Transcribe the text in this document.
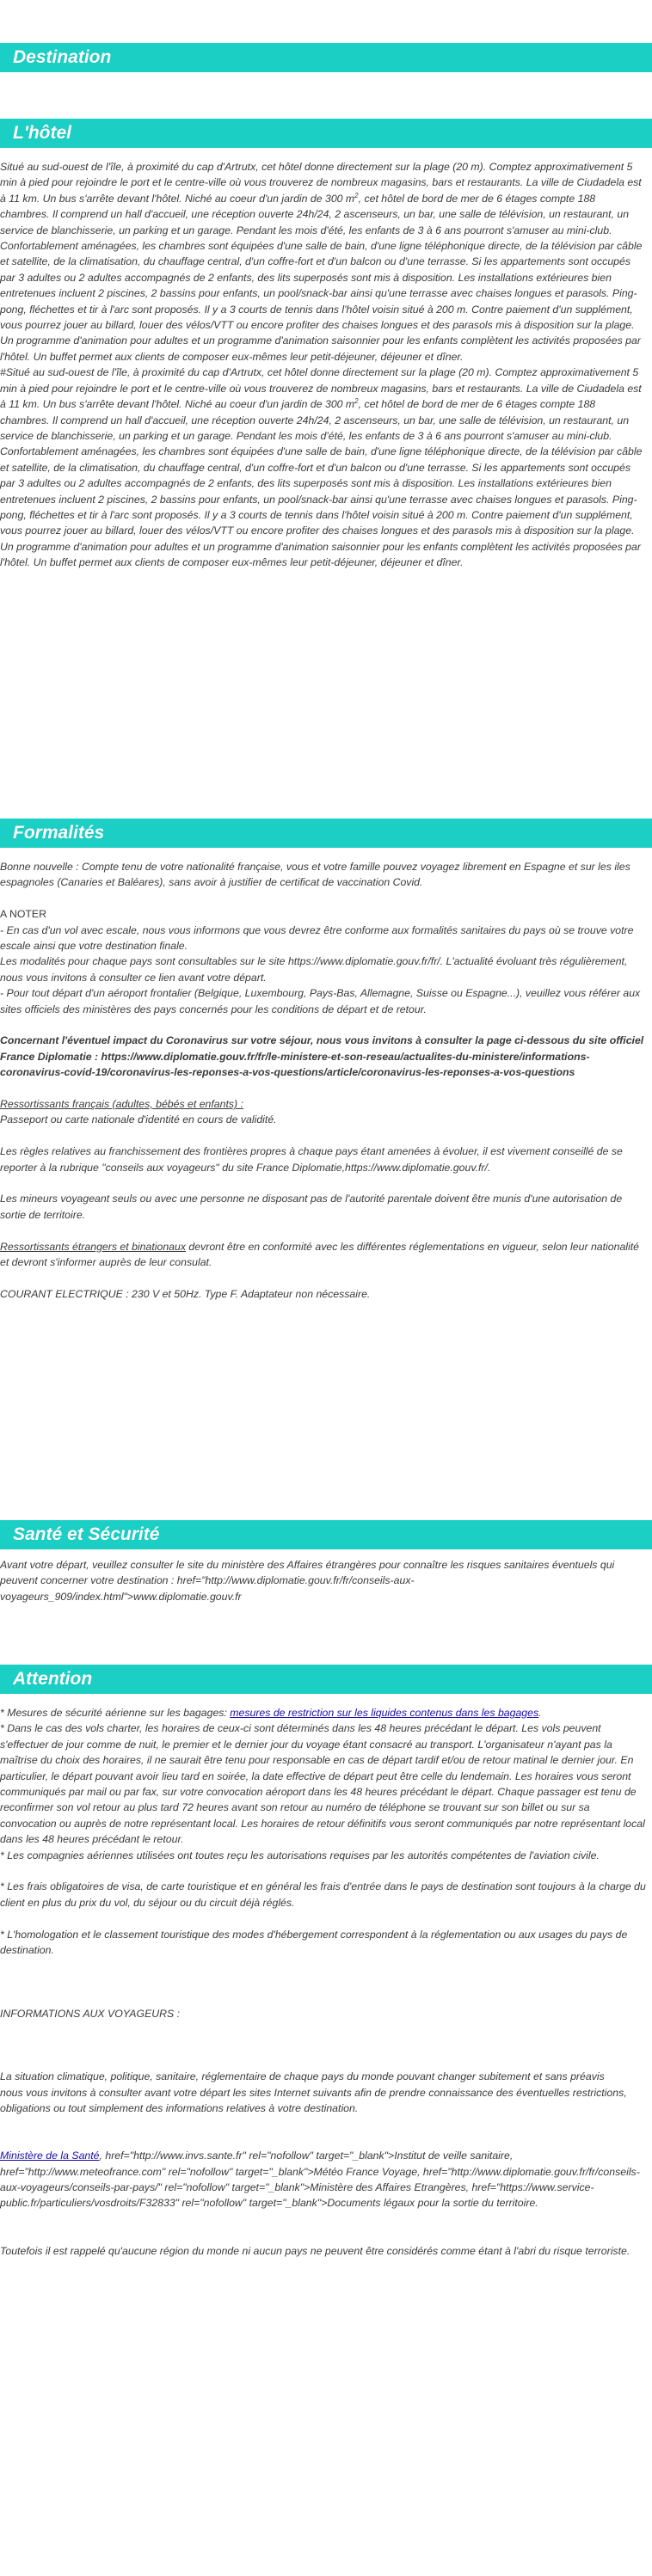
Destination
L'hôtel

Situé au sud-ouest de l'île, à proximité du cap d'Artrutx, cet hôtel donne directement sur la plage (20 m). Comptez approximativement 5 min à pied pour rejoindre le port et le centre-ville où vous trouverez de nombreux magasins, bars et restaurants. La ville de Ciudadela est à 11 km. Un bus s'arrête devant l'hôtel. Niché au coeur d'un jardin de 300 $m^2$, cet hôtel de bord de mer de 6 étages compte 188 chambres. Il comprend un hall d'accueil, une réception ouverte 24h/24, 2 ascenseurs, un bar, une salle de télévision, un restaurant, un service de blanchisserie, un parking et un garage. Pendant les mois d'été, les enfants de 3 à 6 ans pourront s'amuser au mini-club. Confortablement aménagées, les chambres sont équipées d'une salle de bain, d'une ligne téléphonique directe, de la télévision par câble et satellite, de la climatisation, du chauffage central, d'un coffre-fort et d'un balcon ou d'une terrasse. Si les appartements sont occupés par 3 adultes ou 2 adultes accompagnés de 2 enfants, des lits superposés sont mis à disposition. Les installations extérieures bien entretenues incluent 2 piscines, 2 bassins pour enfants, un pool/snack-bar ainsi qu'une terrasse avec chaises longues et parasols. Ping-pong, fléchettes et tir à l'arc sont proposés. Il y a 3 courts de tennis dans l'hôtel voisin situé à 200 m. Contre paiement d'un supplément, vous pourrez jouer au billard, louer des vélos/VTT ou encore profiter des chaises longues et des parasols mis à disposition sur la plage. Un programme d'animation pour adultes et un programme d'animation saisonnier pour les enfants complètent les activités proposées par l'hôtel. Un buffet permet aux clients de composer eux-mêmes leur petit-déjeuner, déjeuner et dîner.

#Situé au sud-ouest de l'île, à proximité du cap d'Artrutx, cet hôtel donne directement sur la plage (20 m). Comptez approximativement 5 min à pied pour rejoindre le port et le centre-ville où vous trouverez de nombreux magasins, bars et restaurants. La ville de Ciudadela est à 11 km. Un bus s'arrête devant l'hôtel. Niché au coeur d'un jardin de 300 $m^2$, cet hôtel de bord de mer de 6 étages compte 188 chambres. Il comprend un hall d'accueil, une réception ouverte 24h/24, 2 ascenseurs, un bar, une salle de télévision, un restaurant, un service de blanchisserie, un parking et un garage. Pendant les mois d'été, les enfants de 3 à 6 ans pourront s'amuser au mini-club. Confortablement aménagées, les chambres sont équipées d'une salle de bain, d'une ligne téléphonique directe, de la télévision par câble et satellite, de la climatisation, du chauffage central, d'un coffre-fort et d'un balcon ou d'une terrasse. Si les appartements sont occupés par 3 adultes ou 2 adultes accompagnés de 2 enfants, des lits superposés sont mis à disposition. Les installations extérieures bien entretenues incluent 2 piscines, 2 bassins pour enfants, un pool/snack-bar ainsi qu'une terrasse avec chaises longues et parasols. Ping-pong, fléchettes et tir à l'arc sont proposés. Il y a 3 courts de tennis dans l'hôtel voisin situé à 200 m. Contre paiement d'un supplément, vous pourrez jouer au billard, louer des vélos/VTT ou encore profiter des chaises longues et des parasols mis à disposition sur la plage. Un programme d'animation pour adultes et un programme d'animation saisonnier pour les enfants complètent les activités proposées par l'hôtel. Un buffet permet aux clients de composer eux-mêmes leur petit-déjeuner, déjeuner et dîner.

Formalités

Bonne nouvelle : Compte tenu de votre nationalité française, vous et votre famille pouvez voyagez librement en Espagne et sur les iles espagnoles (Canaries et Baléares), sans avoir à justifier de certificat de vaccination Covid.

A NOTER

- En cas d'un vol avec escale, nous vous informons que vous devrez être conforme aux formalités sanitaires du pays où se trouve votre escale ainsi que votre destination finale.

Les modalités pour chaque pays sont consultables sur le site https://www.diplomatie.gouv.fr/fr/. L'actualité évoluant très régulièrement, nous vous invitons à consulter ce lien avant votre départ.

- Pour tout départ d'un aéroport frontalier (Belgique, Luxembourg, Pays-Bas, Allemagne, Suisse ou Espagne...), veuillez vous référer aux sites officiels des ministères des pays concernés pour les conditions de départ et de retour.

Concernant l'éventuel impact du Coronavirus sur votre séjour, nous vous invitons à consulter la page ci-dessous du site officiel France Diplomatie : https://www.diplomatie.gouv.fr/fr/le-ministere-et-son-reseau/actualites-du-ministere/informations-coronavirus-covid-19/coronavirus-les-reponses-a-vos-questions/article/coronavirus-les-reponses-a-vos-questions

Ressortissants français (adultes, bébés et enfants) :

Passeport ou carte nationale d'identité en cours de validité.

Les règles relatives au franchissement des frontières propres à chaque pays étant amenées à évoluer, il est vivement conseillé de se reporter à la rubrique "conseils aux voyageurs" du site France Diplomatie,https://www.diplomatie.gouv.fr/.

Les mineurs voyageant seuls ou avec une personne ne disposant pas de l'autorité parentale doivent être munis d'une autorisation de sortie de territoire.

Ressortissants étrangers et binationaux devront être en conformité avec les différentes réglementations en vigueur, selon leur nationalité et devront s'informer auprès de leur consulat.

COURANT ELECTRIQUE : 230 V et 50Hz. Type F. Adaptateur non nécessaire.

Santé et Sécurité

Avant votre départ, veuillez consulter le site du ministère des Affaires étrangères pour connaître les risques sanitaires éventuels qui peuvent concerner votre destination : href="http://www.diplomatie.gouv.fr/fr/conseils-aux-voyageurs_909/index.html">www.diplomatie.gouv.fr

Attention

* Mesures de sécurité aérienne sur les bagages: mesures de restriction sur les liquides contenus dans les bagages.

* Dans le cas des vols charter, les horaires de ceux-ci sont déterminés dans les 48 heures précédant le départ. Les vols peuvent s'effectuer de jour comme de nuit, le premier et le dernier jour du voyage étant consacré au transport. L'organisateur n'ayant pas la maîtrise du choix des horaires, il ne saurait être tenu pour responsable en cas de départ tardif et/ou de retour matinal le dernier jour. En particulier, le départ pouvant avoir lieu tard en soirée, la date effective de départ peut être celle du lendemain. Les horaires vous seront communiqués par mail ou par fax, sur votre convocation aéroport dans les 48 heures précédant le départ. Chaque passager est tenu de reconfirmer son vol retour au plus tard 72 heures avant son retour au numéro de téléphone se trouvant sur son billet ou sur sa convocation ou auprès de notre représentant local. Les horaires de retour définitifs vous seront communiqués par notre représentant local dans les 48 heures précédant le retour.

* Les compagnies aériennes utilisées ont toutes reçu les autorisations requises par les autorités compétentes de l'aviation civile.

* Les frais obligatoires de visa, de carte touristique et en général les frais d'entrée dans le pays de destination sont toujours à la charge du client en plus du prix du vol, du séjour ou du circuit déjà réglés.

* L'homologation et le classement touristique des modes d'hébergement correspondent à la réglementation ou aux usages du pays de destination.

INFORMATIONS AUX VOYAGEURS :

La situation climatique, politique, sanitaire, réglementaire de chaque pays du monde pouvant changer subitement et sans préavis

nous vous invitons à consulter avant votre départ les sites Internet suivants afin de prendre connaissance des éventuelles restrictions, obligations ou tout simplement des informations relatives à votre destination.

Ministère de la Santé, href="http://www.invs.sante.fr" rel="nofollow" target="_blank">Institut de veille sanitaire, href="http://www.meteofrance.com" rel="nofollow" target="_blank">Météo France Voyage, href="http://www.diplomatie.gouv.fr/fr/conseils-aux-voyageurs/conseils-par-pays/" rel="nofollow" target="_blank">Ministère des Affaires Etrangères, href="https://www.service-public.fr/particuliers/vosdroits/F32833" rel="nofollow" target="_blank">Documents légaux pour la sortie du territoire.

Toutefois il est rappelé qu'aucune région du monde ni aucun pays ne peuvent être considérés comme étant à l'abri du risque terroriste.
